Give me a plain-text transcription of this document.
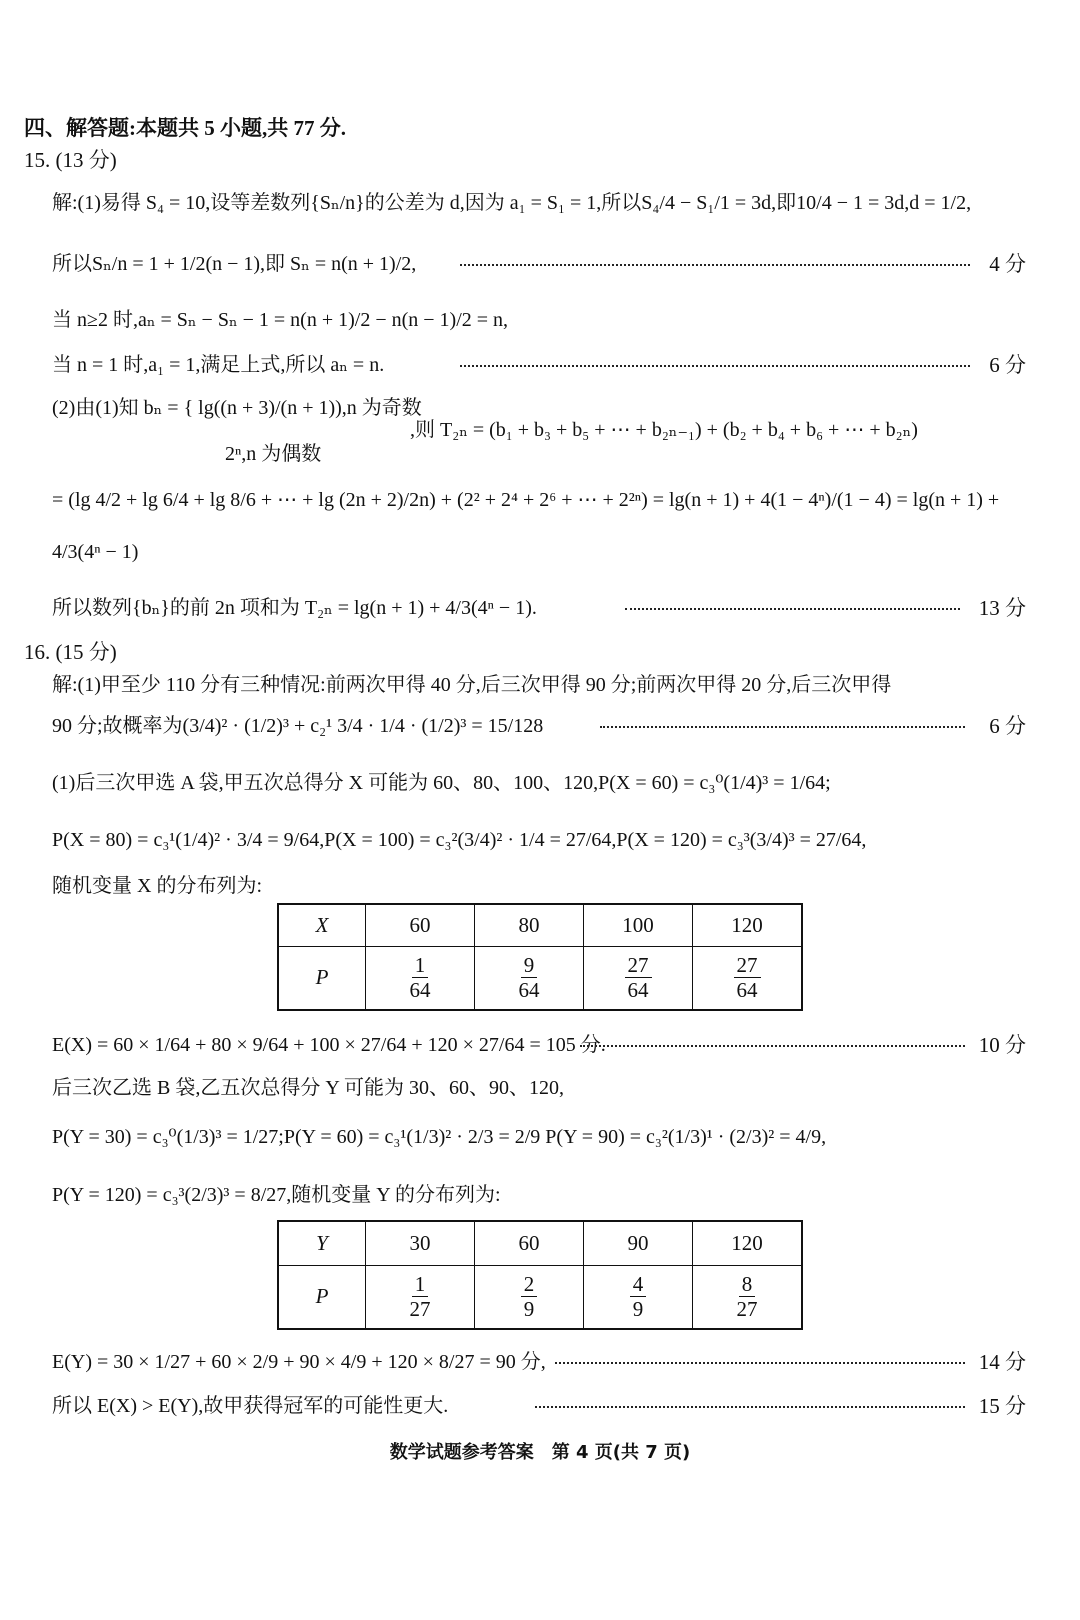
四、解答题:本题共 5 小题,共 77 分.
15. (13 分)
解:(1)易得 S₄ = 10,设等差数列{Sₙ/n}的公差为 d,因为 a₁ = S₁ = 1,所以S₄/4 − S₁/1 = 3d,即10/4 − 1 = 3d,d = 1/2,
所以Sₙ/n = 1 + 1/2(n − 1),即 Sₙ = n(n + 1)/2,	4 分
当 n≥2 时,aₙ = Sₙ − Sₙ − 1 = n(n + 1)/2 − n(n − 1)/2 = n,
当 n = 1 时,a₁ = 1,满足上式,所以 aₙ = n.	6 分
(2)由(1)知 bₙ = { lg((n + 3)/(n + 1)),n 为奇数
,则 T₂ₙ = (b₁ + b₃ + b₅ + ⋯ + b₂ₙ₋₁) + (b₂ + b₄ + b₆ + ⋯ + b₂ₙ)
2ⁿ,n 为偶数
= (lg 4/2 + lg 6/4 + lg 8/6 + ⋯ + lg (2n + 2)/2n) + (2² + 2⁴ + 2⁶ + ⋯ + 2²ⁿ) = lg(n + 1) + 4(1 − 4ⁿ)/(1 − 4) = lg(n + 1) +
4/3(4ⁿ − 1)
所以数列{bₙ}的前 2n 项和为 T₂ₙ = lg(n + 1) + 4/3(4ⁿ − 1).	13 分
16. (15 分)
解:(1)甲至少 110 分有三种情况:前两次甲得 40 分,后三次甲得 90 分;前两次甲得 20 分,后三次甲得
90 分;故概率为(3/4)² · (1/2)³ + c₂¹ 3/4 · 1/4 · (1/2)³ = 15/128	6 分
(1)后三次甲选 A 袋,甲五次总得分 X 可能为 60、80、100、120,P(X = 60) = c₃⁰(1/4)³ = 1/64;
P(X = 80) = c₃¹(1/4)² · 3/4 = 9/64,P(X = 100) = c₃²(3/4)² · 1/4 = 27/64,P(X = 120) = c₃³(3/4)³ = 27/64,
随机变量 X 的分布列为:
X	60	80	100	120
P	$\frac{1}{64}$	$\frac{9}{64}$	$\frac{27}{64}$	$\frac{27}{64}$
E(X) = 60 × 1/64 + 80 × 9/64 + 100 × 27/64 + 120 × 27/64 = 105 分.	10 分
后三次乙选 B 袋,乙五次总得分 Y 可能为 30、60、90、120,
P(Y = 30) = c₃⁰(1/3)³ = 1/27;P(Y = 60) = c₃¹(1/3)² · 2/3 = 2/9 P(Y = 90) = c₃²(1/3)¹ · (2/3)² = 4/9,
P(Y = 120) = c₃³(2/3)³ = 8/27,随机变量 Y 的分布列为:
Y	30	60	90	120
P	$\frac{1}{27}$	$\frac{2}{9}$	$\frac{4}{9}$	$\frac{8}{27}$
E(Y) = 30 × 1/27 + 60 × 2/9 + 90 × 4/9 + 120 × 8/27 = 90 分,	14 分
所以 E(X) > E(Y),故甲获得冠军的可能性更大.	15 分
数学试题参考答案　第 4 页(共 7 页)
